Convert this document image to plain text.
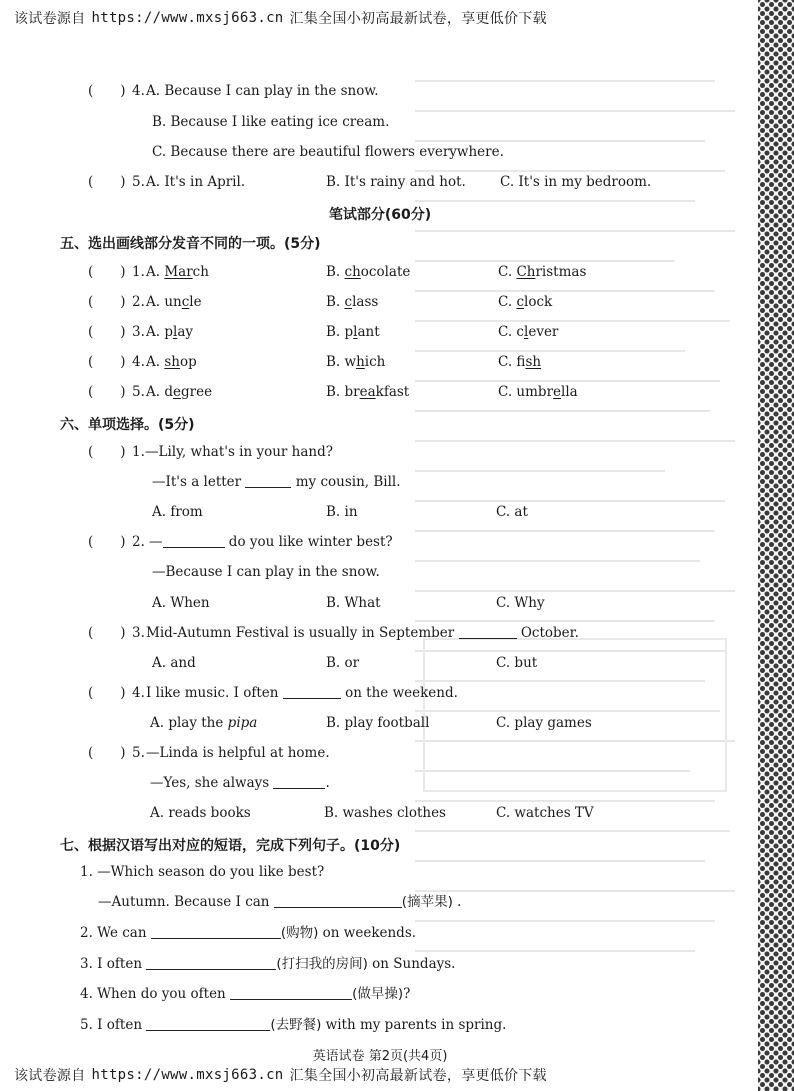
该试卷源自 https://www.mxsj663.cn 汇集全国小初高最新试卷，享更低价下载
(　　) 4. A. Because I can play in the snow.
B. Because I like eating ice cream.
C. Because there are beautiful flowers everywhere.
(　　) 5. A. It's in April.	B. It's rainy and hot.	C. It's in my bedroom.
笔试部分(60分)
五、选出画线部分发音不同的一项。(5分)
(　　) 1. A. March	B. chocolate	C. Christmas
(　　) 2. A. uncle	B. class	C. clock
(　　) 3. A. play	B. plant	C. clever
(　　) 4. A. shop	B. which	C. fish
(　　) 5. A. degree	B. breakfast	C. umbrella
六、单项选择。(5分)
(　　) 1. —Lily, what's in your hand?
—It's a letter	my cousin, Bill.
A. from	B. in	C. at
(　　) 2. —	do you like winter best?
—Because I can play in the snow.
A. When	B. What	C. Why
(　　) 3. Mid-Autumn Festival is usually in September	October.
A. and	B. or	C. but
(　　) 4. I like music. I often	on the weekend.
A. play the pipa	B. play football	C. play games
(　　) 5. —Linda is helpful at home.
—Yes, she always	.
A. reads books	B. washes clothes	C. watches TV
七、根据汉语写出对应的短语，完成下列句子。(10分)
1. —Which season do you like best?
—Autumn. Because I can	(摘苹果) .
2. We can	(购物) on weekends.
3. I often	(打扫我的房间) on Sundays.
4. When do you often	(做早操)?
5. I often	(去野餐) with my parents in spring.
英语试卷 第2页(共4页)
该试卷源自 https://www.mxsj663.cn 汇集全国小初高最新试卷，享更低价下载
